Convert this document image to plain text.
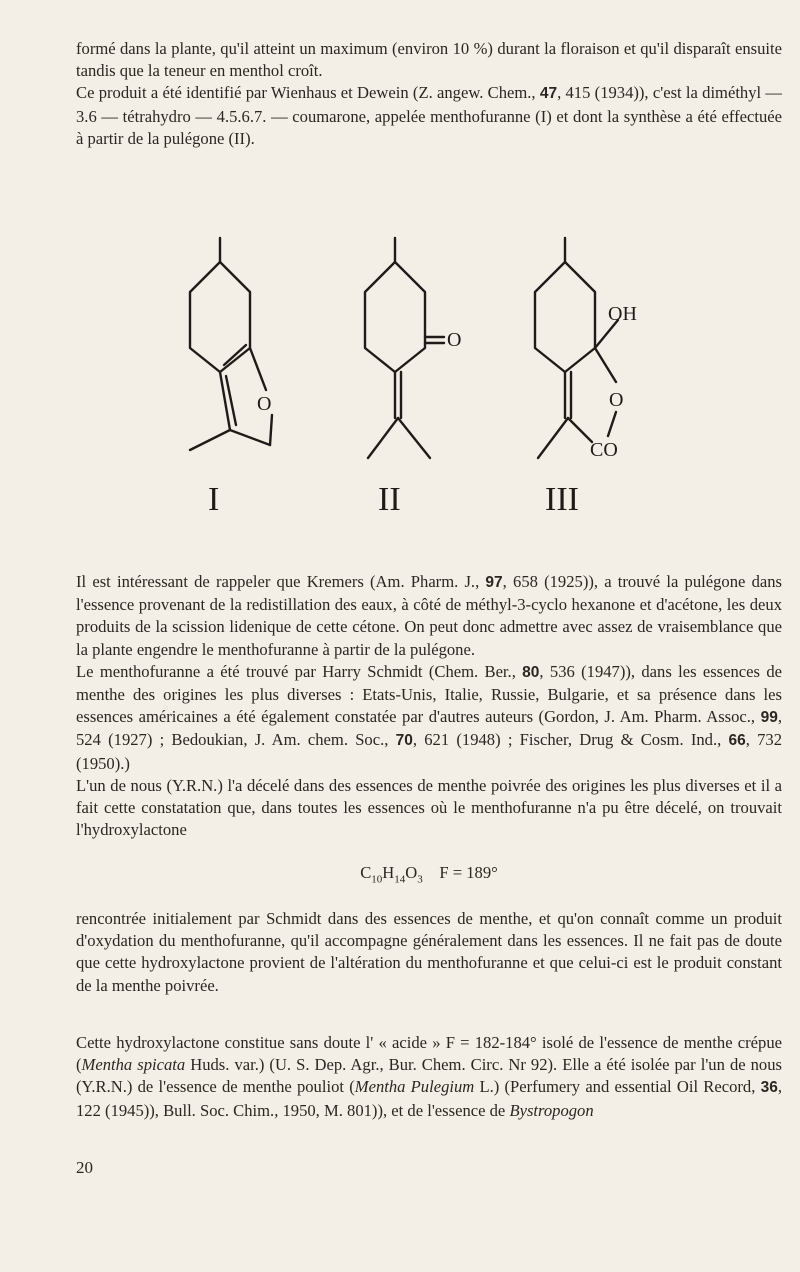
formé dans la plante, qu'il atteint un maximum (environ 10 %) durant la floraison et qu'il disparaît ensuite tandis que la teneur en menthol croît.

Ce produit a été identifié par Wienhaus et Dewein (Z. angew. Chem., 47, 415 (1934)), c'est la diméthyl — 3.6 — tétrahydro — 4.5.6.7. — coumarone, appelée menthofuranne (I) et dont la synthèse a été effectuée à partir de la pulégone (II).

O
O
OH
O
CO
I	II	III

Il est intéressant de rappeler que Kremers (Am. Pharm. J., 97, 658 (1925)), a trouvé la pulégone dans l'essence provenant de la redistillation des eaux, à côté de méthyl-3-cyclo hexanone et d'acétone, les deux produits de la scission lidenique de cette cétone. On peut donc admettre avec assez de vraisemblance que la plante engendre le menthofuranne à partir de la pulégone.

Le menthofuranne a été trouvé par Harry Schmidt (Chem. Ber., 80, 536 (1947)), dans les essences de menthe des origines les plus diverses : Etats-Unis, Italie, Russie, Bulgarie, et sa présence dans les essences américaines a été également constatée par d'autres auteurs (Gordon, J. Am. Pharm. Assoc., 99, 524 (1927) ; Bedoukian, J. Am. chem. Soc., 70, 621 (1948) ; Fischer, Drug & Cosm. Ind., 66, 732 (1950).)

L'un de nous (Y.R.N.) l'a décelé dans des essences de menthe poivrée des origines les plus diverses et il a fait cette constatation que, dans toutes les essences où le menthofuranne n'a pu être décelé, on trouvait l'hydroxylactone

$C_{10}H_{14}O_3$ F = 189°

rencontrée initialement par Schmidt dans des essences de menthe, et qu'on connaît comme un produit d'oxydation du menthofuranne, qu'il accompagne généralement dans les essences. Il ne fait pas de doute que cette hydroxylactone provient de l'altération du menthofuranne et que celui-ci est le produit constant de la menthe poivrée.

Cette hydroxylactone constitue sans doute l' « acide » F = 182-184° isolé de l'essence de menthe crépue (Mentha spicata Huds. var.) (U. S. Dep. Agr., Bur. Chem. Circ. Nr 92). Elle a été isolée par l'un de nous (Y.R.N.) de l'essence de menthe pouliot (Mentha Pulegium L.) (Perfumery and essential Oil Record, 36, 122 (1945)), Bull. Soc. Chim., 1950, M. 801)), et de l'essence de Bystropogon

20
